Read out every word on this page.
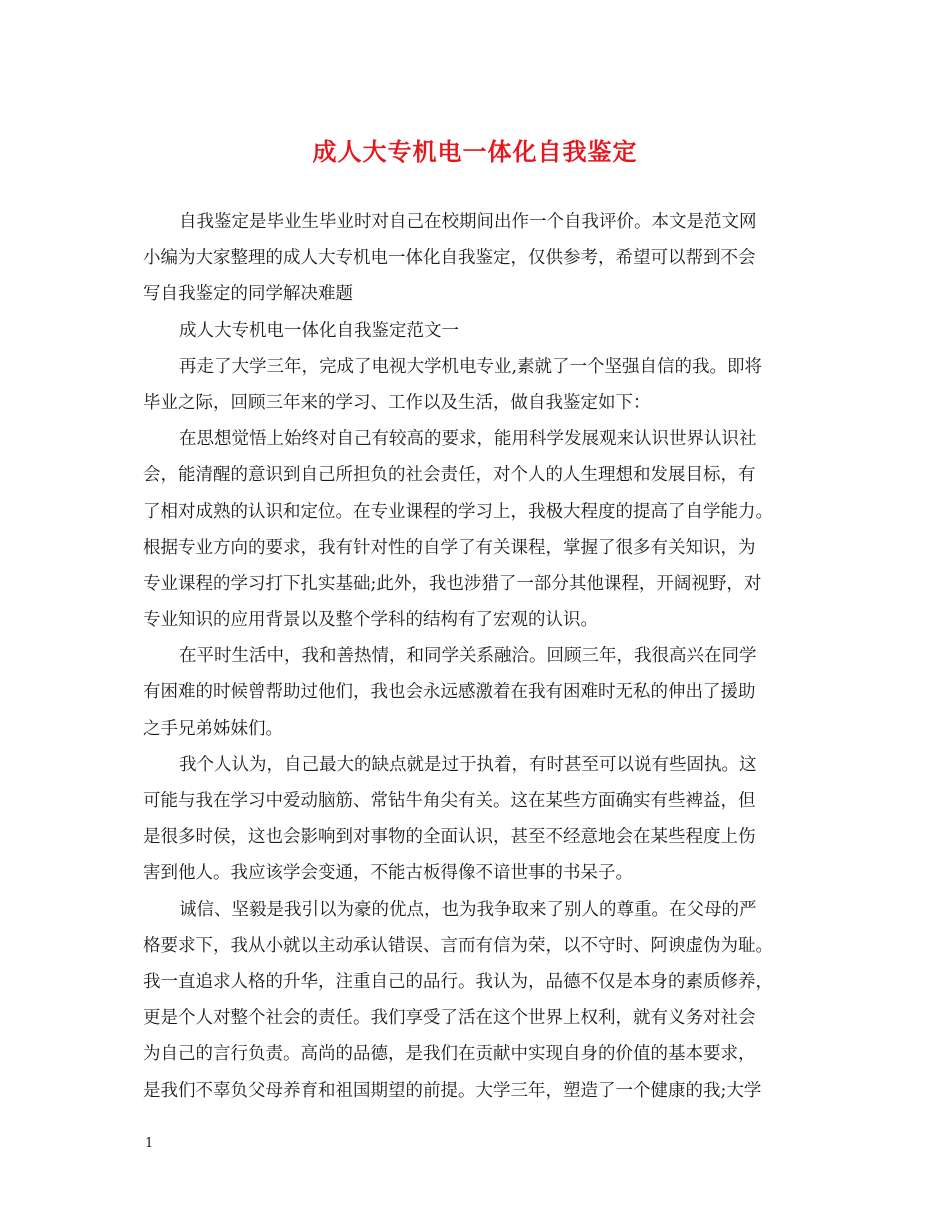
成人大专机电一体化自我鉴定
自我鉴定是毕业生毕业时对自己在校期间出作一个自我评价。本文是范文网
小编为大家整理的成人大专机电一体化自我鉴定，仅供参考，希望可以帮到不会
写自我鉴定的同学解决难题
成人大专机电一体化自我鉴定范文一
再走了大学三年，完成了电视大学机电专业,素就了一个坚强自信的我。即将
毕业之际，回顾三年来的学习、工作以及生活，做自我鉴定如下：
在思想觉悟上始终对自己有较高的要求，能用科学发展观来认识世界认识社
会，能清醒的意识到自己所担负的社会责任，对个人的人生理想和发展目标，有
了相对成熟的认识和定位。在专业课程的学习上，我极大程度的提高了自学能力。
根据专业方向的要求，我有针对性的自学了有关课程，掌握了很多有关知识，为
专业课程的学习打下扎实基础;此外，我也涉猎了一部分其他课程，开阔视野，对
专业知识的应用背景以及整个学科的结构有了宏观的认识。
在平时生活中，我和善热情，和同学关系融洽。回顾三年，我很高兴在同学
有困难的时候曾帮助过他们，我也会永远感激着在我有困难时无私的伸出了援助
之手兄弟姊妹们。
我个人认为，自己最大的缺点就是过于执着，有时甚至可以说有些固执。这
可能与我在学习中爱动脑筋、常钻牛角尖有关。这在某些方面确实有些裨益，但
是很多时侯，这也会影响到对事物的全面认识，甚至不经意地会在某些程度上伤
害到他人。我应该学会变通，不能古板得像不谙世事的书呆子。
诚信、坚毅是我引以为豪的优点，也为我争取来了别人的尊重。在父母的严
格要求下，我从小就以主动承认错误、言而有信为荣，以不守时、阿谀虚伪为耻。
我一直追求人格的升华，注重自己的品行。我认为，品德不仅是本身的素质修养，
更是个人对整个社会的责任。我们享受了活在这个世界上权利，就有义务对社会
为自己的言行负责。高尚的品德，是我们在贡献中实现自身的价值的基本要求，
是我们不辜负父母养育和祖国期望的前提。大学三年，塑造了一个健康的我;大学
1
